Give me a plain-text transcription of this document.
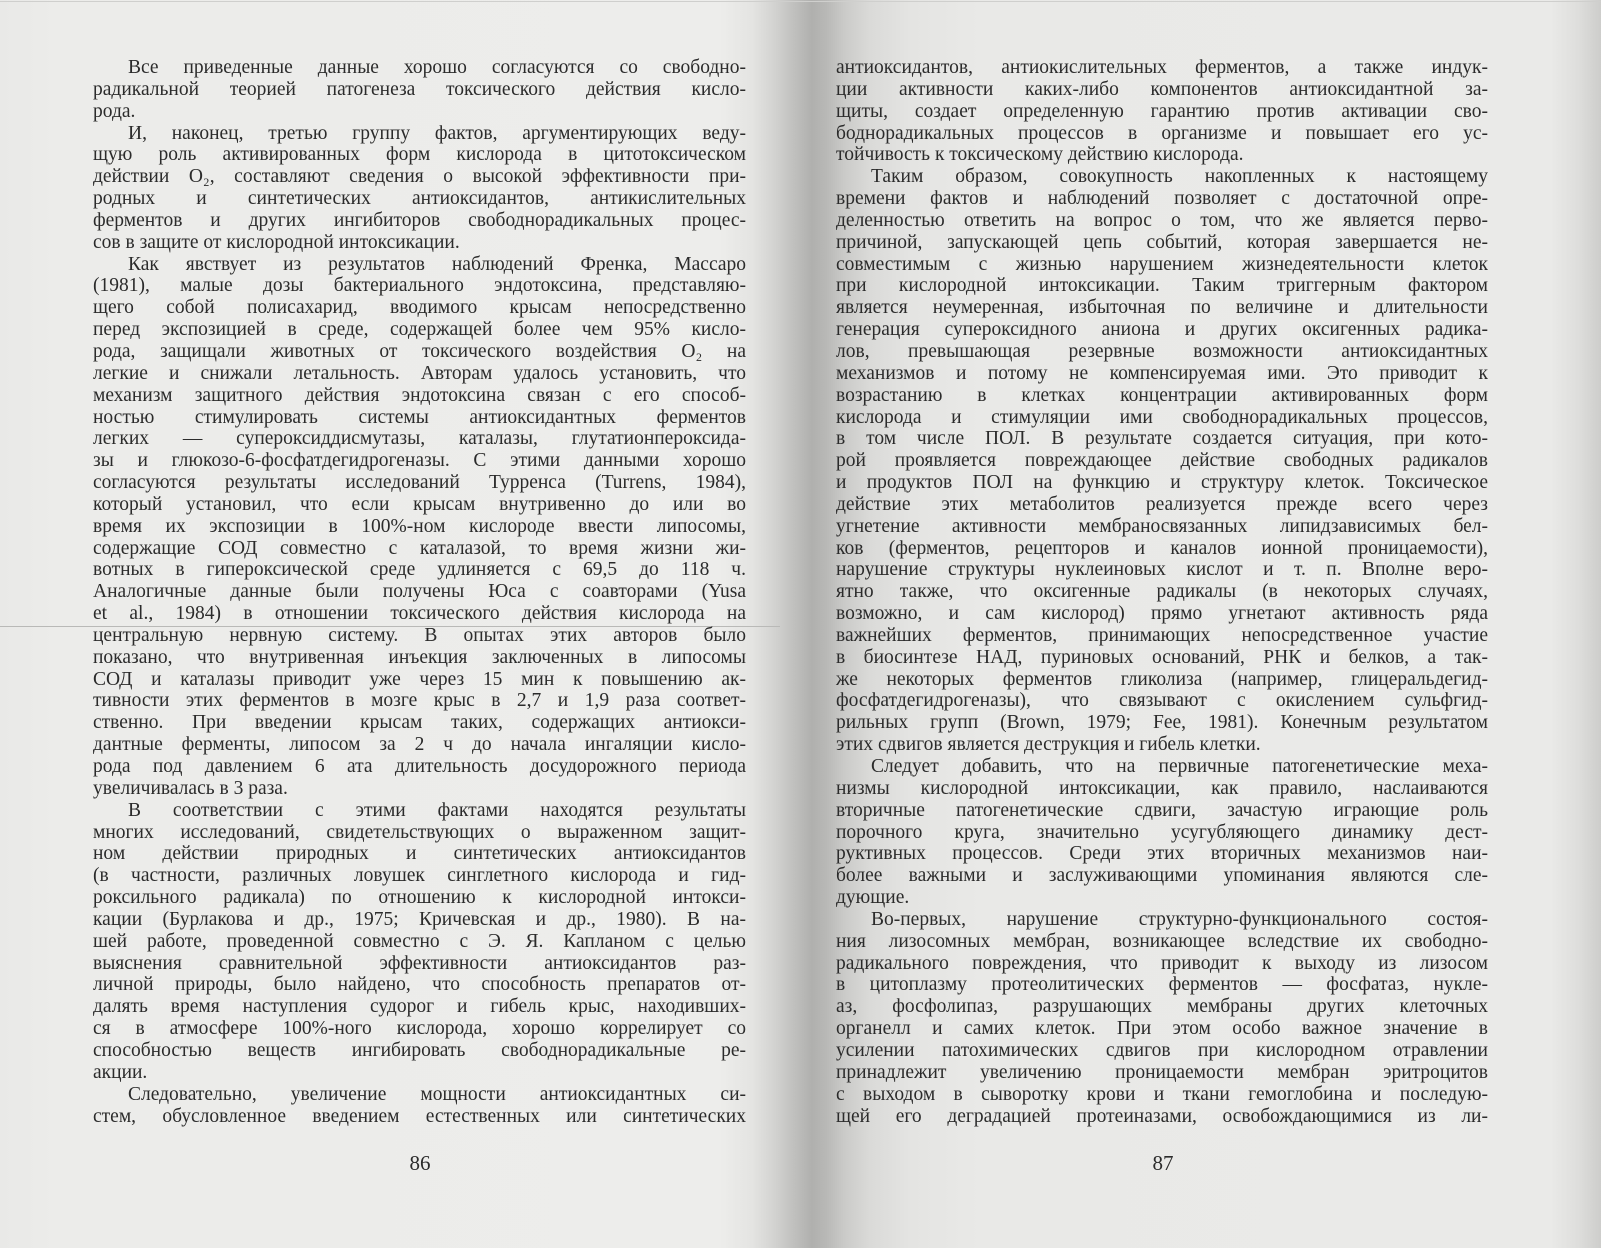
Все приведенные данные хорошо согласуются со свободно-
радикальной теорией патогенеза токсического действия кисло-
рода.
И, наконец, третью группу фактов, аргументирующих веду-
щую роль активированных форм кислорода в цитотоксическом
действии O₂, составляют сведения о высокой эффективности при-
родных и синтетических антиоксидантов, антикислительных
ферментов и других ингибиторов свободнорадикальных процес-
сов в защите от кислородной интоксикации.
Как явствует из результатов наблюдений Френка, Массаро
(1981), малые дозы бактериального эндотоксина, представляю-
щего собой полисахарид, вводимого крысам непосредственно
перед экспозицией в среде, содержащей более чем 95% кисло-
рода, защищали животных от токсического воздействия O₂ на
легкие и снижали летальность. Авторам удалось установить, что
механизм защитного действия эндотоксина связан с его способ-
ностью стимулировать системы антиоксидантных ферментов
легких — супероксиддисмутазы, каталазы, глутатионпероксида-
зы и глюкозо-6-фосфатдегидрогеназы. С этими данными хорошо
согласуются результаты исследований Турренса (Turrens, 1984),
который установил, что если крысам внутривенно до или во
время их экспозиции в 100%-ном кислороде ввести липосомы,
содержащие СОД совместно с каталазой, то время жизни жи-
вотных в гипероксической среде удлиняется с 69,5 до 118 ч.
Аналогичные данные были получены Юса с соавторами (Yusa
et al., 1984) в отношении токсического действия кислорода на
центральную нервную систему. В опытах этих авторов было
показано, что внутривенная инъекция заключенных в липосомы
СОД и каталазы приводит уже через 15 мин к повышению ак-
тивности этих ферментов в мозге крыс в 2,7 и 1,9 раза соответ-
ственно. При введении крысам таких, содержащих антиокси-
дантные ферменты, липосом за 2 ч до начала ингаляции кисло-
рода под давлением 6 ата длительность досудорожного периода
увеличивалась в 3 раза.
В соответствии с этими фактами находятся результаты
многих исследований, свидетельствующих о выраженном защит-
ном действии природных и синтетических антиоксидантов
(в частности, различных ловушек синглетного кислорода и гид-
роксильного радикала) по отношению к кислородной интокси-
кации (Бурлакова и др., 1975; Кричевская и др., 1980). В на-
шей работе, проведенной совместно с Э. Я. Капланом с целью
выяснения сравнительной эффективности антиоксидантов раз-
личной природы, было найдено, что способность препаратов от-
далять время наступления судорог и гибель крыс, находивших-
ся в атмосфере 100%-ного кислорода, хорошо коррелирует со
способностью веществ ингибировать свободнорадикальные ре-
акции.
Следовательно, увеличение мощности антиоксидантных си-
стем, обусловленное введением естественных или синтетических
86
антиоксидантов, антиокислительных ферментов, а также индук-
ции активности каких-либо компонентов антиоксидантной за-
щиты, создает определенную гарантию против активации сво-
боднорадикальных процессов в организме и повышает его ус-
тойчивость к токсическому действию кислорода.
Таким образом, совокупность накопленных к настоящему
времени фактов и наблюдений позволяет с достаточной опре-
деленностью ответить на вопрос о том, что же является перво-
причиной, запускающей цепь событий, которая завершается не-
совместимым с жизнью нарушением жизнедеятельности клеток
при кислородной интоксикации. Таким триггерным фактором
является неумеренная, избыточная по величине и длительности
генерация супероксидного аниона и других оксигенных радика-
лов, превышающая резервные возможности антиоксидантных
механизмов и потому не компенсируемая ими. Это приводит к
возрастанию в клетках концентрации активированных форм
кислорода и стимуляции ими свободнорадикальных процессов,
в том числе ПОЛ. В результате создается ситуация, при кото-
рой проявляется повреждающее действие свободных радикалов
и продуктов ПОЛ на функцию и структуру клеток. Токсическое
действие этих метаболитов реализуется прежде всего через
угнетение активности мембраносвязанных липидзависимых бел-
ков (ферментов, рецепторов и каналов ионной проницаемости),
нарушение структуры нуклеиновых кислот и т. п. Вполне веро-
ятно также, что оксигенные радикалы (в некоторых случаях,
возможно, и сам кислород) прямо угнетают активность ряда
важнейших ферментов, принимающих непосредственное участие
в биосинтезе НАД, пуриновых оснований, РНК и белков, а так-
же некоторых ферментов гликолиза (например, глицеральдегид-
фосфатдегидрогеназы), что связывают с окислением сульфгид-
рильных групп (Brown, 1979; Fee, 1981). Конечным результатом
этих сдвигов является деструкция и гибель клетки.
Следует добавить, что на первичные патогенетические меха-
низмы кислородной интоксикации, как правило, наслаиваются
вторичные патогенетические сдвиги, зачастую играющие роль
порочного круга, значительно усугубляющего динамику дест-
руктивных процессов. Среди этих вторичных механизмов наи-
более важными и заслуживающими упоминания являются сле-
дующие.
Во-первых, нарушение структурно-функционального состоя-
ния лизосомных мембран, возникающее вследствие их свободно-
радикального повреждения, что приводит к выходу из лизосом
в цитоплазму протеолитических ферментов — фосфатаз, нукле-
аз, фосфолипаз, разрушающих мембраны других клеточных
органелл и самих клеток. При этом особо важное значение в
усилении патохимических сдвигов при кислородном отравлении
принадлежит увеличению проницаемости мембран эритроцитов
с выходом в сыворотку крови и ткани гемоглобина и последую-
щей его деградацией протеиназами, освобождающимися из ли-
87
